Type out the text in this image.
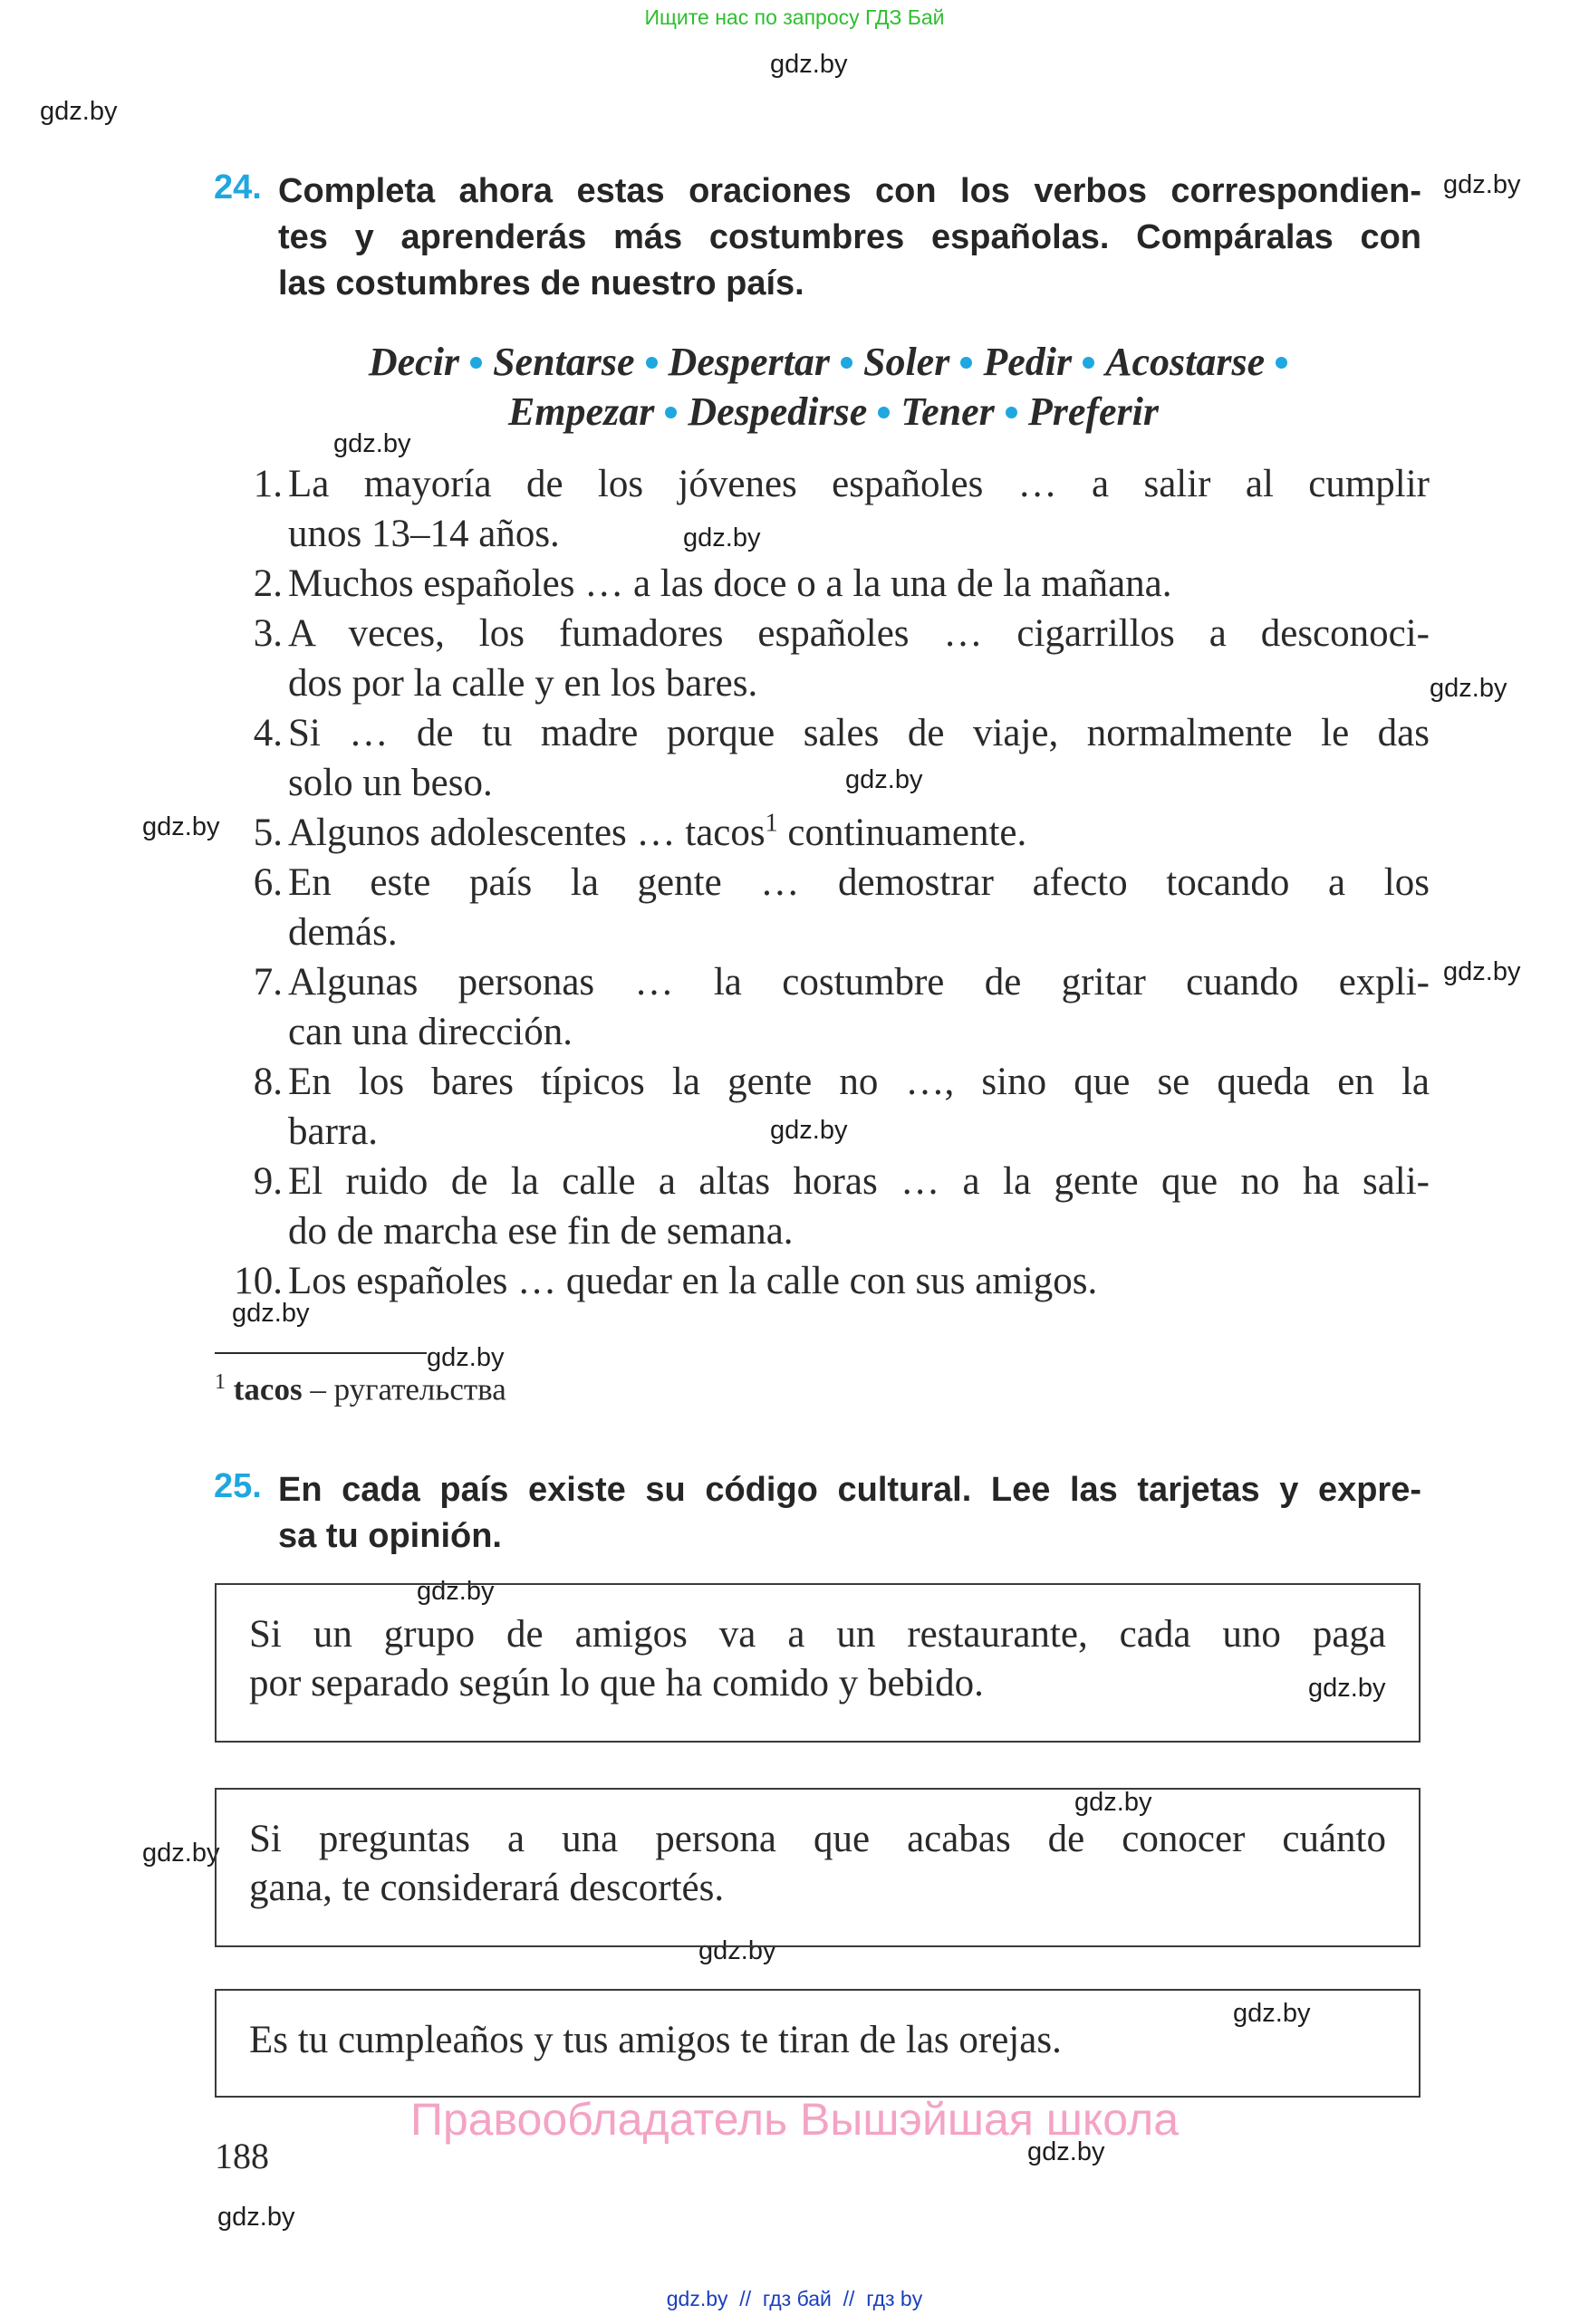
Ищите нас по запросу ГДЗ Бай
gdz.by
gdz.by
gdz.by
gdz.by
gdz.by
gdz.by
gdz.by
gdz.by
gdz.by
gdz.by
gdz.by
gdz.by
gdz.by
gdz.by
gdz.by
gdz.by
gdz.by
gdz.by
gdz.by
gdz.by
24. Completa ahora estas oraciones con los verbos correspondien-
tes y aprenderás más costumbres españolas. Compáralas con
las costumbres de nuestro país.
Decir Sentarse Despertar Soler Pedir Acostarse
Empezar Despedirse Tener Preferir
1. La mayoría de los jóvenes españoles … a salir al cumplir
unos 13–14 años.
2. Muchos españoles … a las doce o a la una de la mañana.
3. A veces, los fumadores españoles … cigarrillos a desconoci-
dos por la calle y en los bares.
4. Si … de tu madre porque sales de viaje, normalmente le das
solo un beso.
5. Algunos adolescentes … tacos$^1$ continuamente.
6. En este país la gente … demostrar afecto tocando a los
demás.
7. Algunas personas … la costumbre de gritar cuando expli-
can una dirección.
8. En los bares típicos la gente no …, sino que se queda en la
barra.
9. El ruido de la calle a altas horas … a la gente que no ha sali-
do de marcha ese fin de semana.
10. Los españoles … quedar en la calle con sus amigos.
$^1$ tacos – ругательства
25. En cada país existe su código cultural. Lee las tarjetas y expre-
sa tu opinión.
Si un grupo de amigos va a un restaurante, cada uno paga
por separado según lo que ha comido y bebido.
Si preguntas a una persona que acabas de conocer cuánto
gana, te considerará descortés.
Es tu cumpleaños y tus amigos te tiran de las orejas.
Правообладатель Вышэйшая школа
188
gdz.by  //  гдз бай  //  гдз by
